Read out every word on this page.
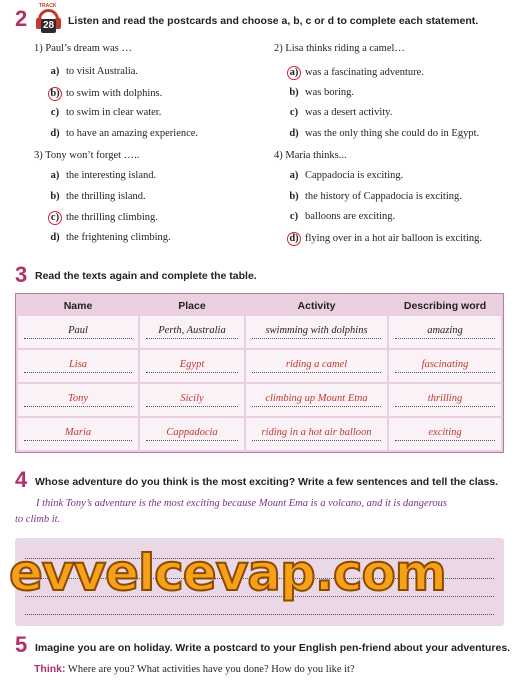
2 TRACK
28 Listen and read the postcards and choose a, b, c or d to complete each statement.
1) Paul’s dream was …
a) to visit Australia.
b) to swim with dolphins.
c) to swim in clear water.
d) to have an amazing experience.
2) Lisa thinks riding a camel…
a) was a fascinating adventure.
b) was boring.
c) was a desert activity.
d) was the only thing she could do in Egypt.
3) Tony won’t forget …..
a) the interesting island.
b) the thrilling island.
c) the thrilling climbing.
d) the frightening climbing.
4) Maria thinks...
a) Cappadocia is exciting.
b) the history of Cappadocia is exciting.
c) balloons are exciting.
d) flying over in a hot air balloon is exciting.
3 Read the texts again and complete the table.
Name	Place	Activity	Describing word
Paul	Perth, Australia	swimming with dolphins	amazing
Lisa	Egypt	riding a camel	fascinating
Tony	Sicily	climbing up Mount Etna	thrilling
Maria	Cappadocia	riding in a hot air balloon	exciting
4 Whose adventure do you think is the most exciting? Write a few sentences and tell the class.
I think Tony’s adventure is the most exciting because Mount Ema is a volcano, and it is dangerous
to climb it.
evvelcevap.com
5 Imagine you are on holiday. Write a postcard to your English pen-friend about your adventures.
Think: Where are you? What activities have you done? How do you like it?
